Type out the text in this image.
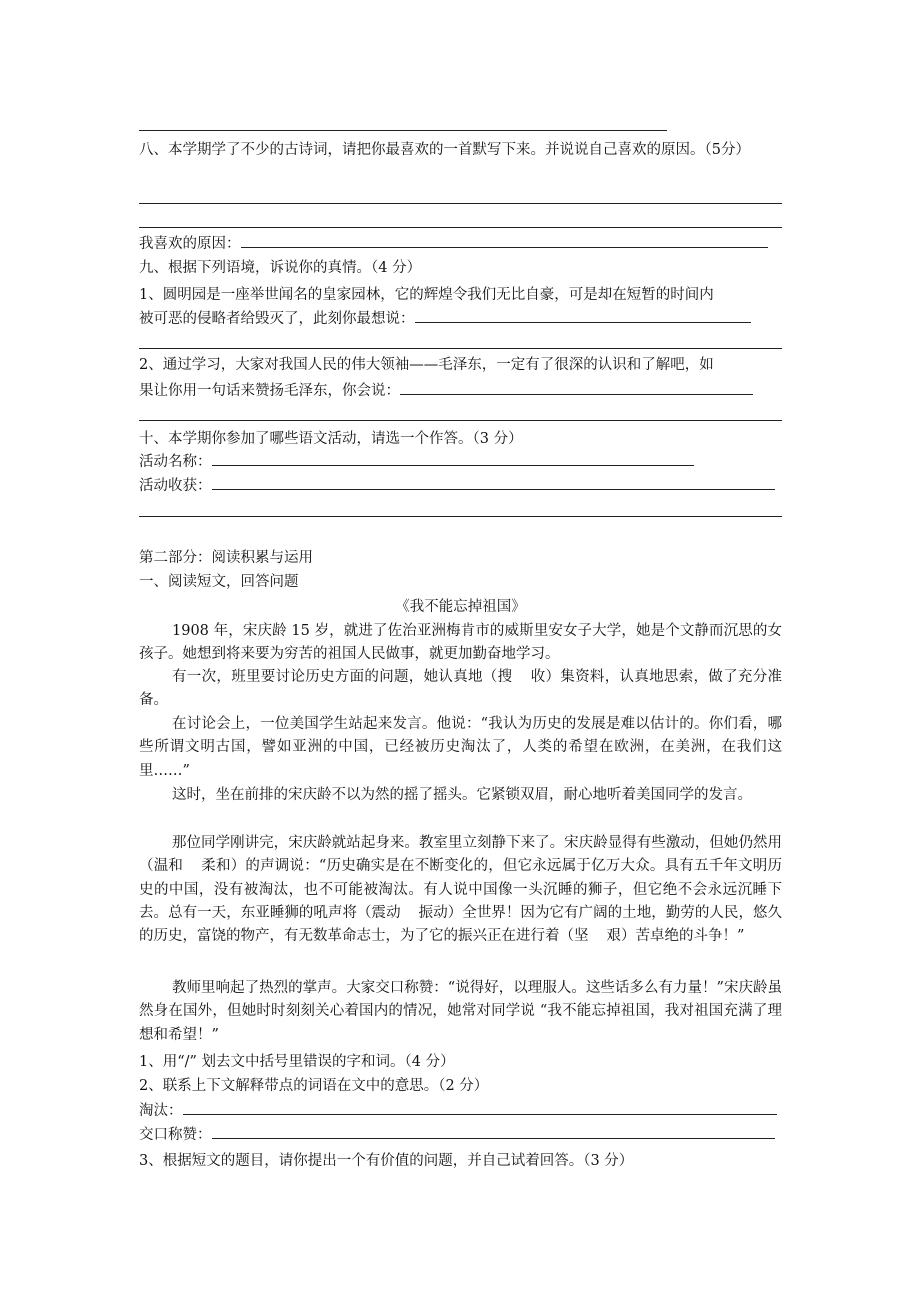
八、本学期学了不少的古诗词，请把你最喜欢的一首默写下来。并说说自己喜欢的原因。（5分）
我喜欢的原因：
九、根据下列语境，诉说你的真情。（4 分）
1、圆明园是一座举世闻名的皇家园林，它的辉煌令我们无比自豪，可是却在短暂的时间内
被可恶的侵略者给毁灭了，此刻你最想说：
2、通过学习，大家对我国人民的伟大领袖——毛泽东，一定有了很深的认识和了解吧，如
果让你用一句话来赞扬毛泽东，你会说：
十、本学期你参加了哪些语文活动，请选一个作答。（3 分）
活动名称：
活动收获：
第二部分：阅读积累与运用
一、阅读短文，回答问题
《我不能忘掉祖国》
1908 年，宋庆龄 15 岁，就进了佐治亚洲梅肯市的威斯里安女子大学，她是个文静而沉思的女孩子。她想到将来要为穷苦的祖国人民做事，就更加勤奋地学习。
有一次，班里要讨论历史方面的问题，她认真地（搜 收）集资料，认真地思索，做了充分准备。
在讨论会上，一位美国学生站起来发言。他说：“我认为历史的发展是难以估计的。你们看，哪些所谓文明古国，譬如亚洲的中国，已经被历史淘汰了，人类的希望在欧洲，在美洲，在我们这里……”
这时，坐在前排的宋庆龄不以为然的摇了摇头。它紧锁双眉，耐心地听着美国同学的发言。
那位同学刚讲完，宋庆龄就站起身来。教室里立刻静下来了。宋庆龄显得有些激动，但她仍然用（温和 柔和）的声调说：“历史确实是在不断变化的，但它永远属于亿万大众。具有五千年文明历史的中国，没有被淘汰，也不可能被淘汰。有人说中国像一头沉睡的狮子，但它绝不会永远沉睡下去。总有一天，东亚睡狮的吼声将（震动 振动）全世界！因为它有广阔的土地，勤劳的人民，悠久的历史，富饶的物产，有无数革命志士，为了它的振兴正在进行着（坚 艰）苦卓绝的斗争！”
教师里响起了热烈的掌声。大家交口称赞：“说得好，以理服人。这些话多么有力量！”宋庆龄虽然身在国外，但她时时刻刻关心着国内的情况，她常对同学说 “我不能忘掉祖国，我对祖国充满了理想和希望！”
1、用“/” 划去文中括号里错误的字和词。（4 分）
2、联系上下文解释带点的词语在文中的意思。（2 分）
淘汰：
交口称赞：
3、根据短文的题目，请你提出一个有价值的问题，并自己试着回答。（3 分）
